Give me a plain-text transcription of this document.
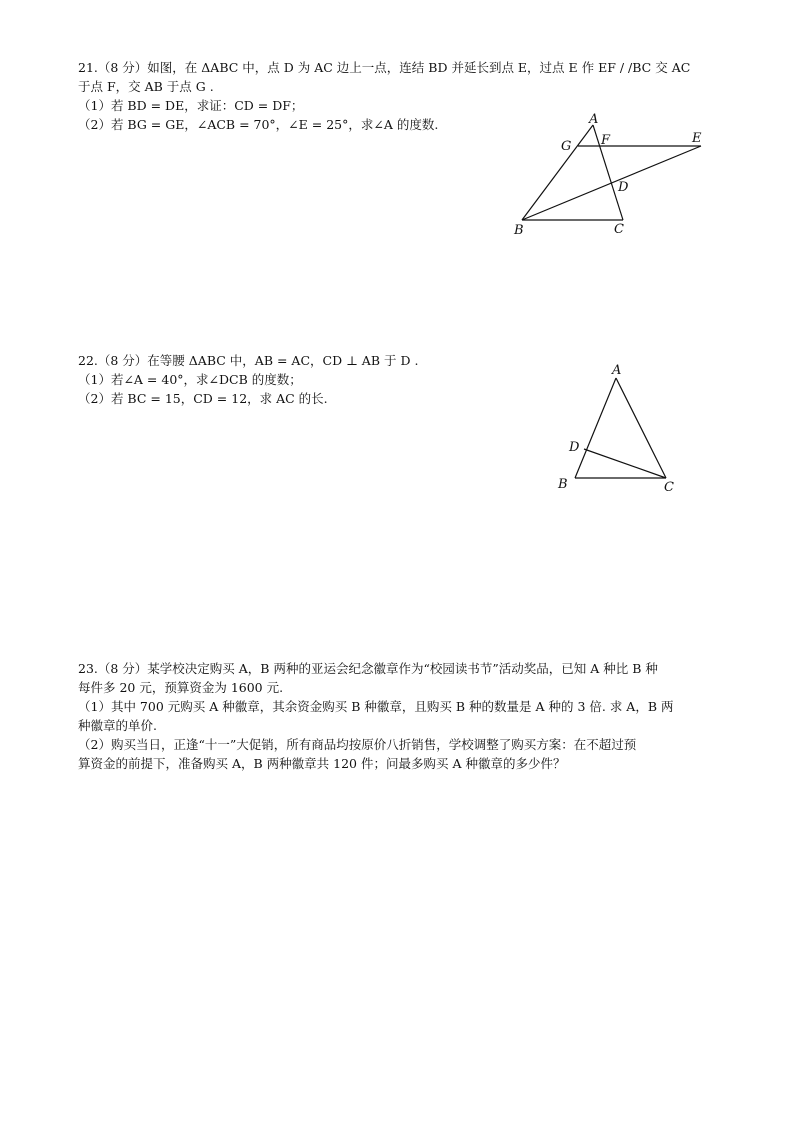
21.（8 分）如图，在 ΔABC 中，点 D 为 AC 边上一点，连结 BD 并延长到点 E，过点 E 作 EF / /BC 交 AC

于点 F，交 AB 于点 G .

（1）若 BD = DE，求证：CD = DF；

（2）若 BG = GE，∠ACB = 70°，∠E = 25°，求∠A 的度数.	A
F	E
G
D
B	C

22.（8 分）在等腰 ΔABC 中，AB = AC，CD ⊥ AB 于 D .

（1）若∠A = 40°，求∠DCB 的度数；

（2）若 BC = 15，CD = 12，求 AC 的长.

A
D
B	C

23.（8 分）某学校决定购买 A，B 两种的亚运会纪念徽章作为“校园读书节”活动奖品，已知 A 种比 B 种

每件多 20 元，预算资金为 1600 元.

（1）其中 700 元购买 A 种徽章，其余资金购买 B 种徽章，且购买 B 种的数量是 A 种的 3 倍. 求 A，B 两

种徽章的单价.

（2）购买当日，正逢“十一”大促销，所有商品均按原价八折销售，学校调整了购买方案：在不超过预

算资金的前提下，准备购买 A，B 两种徽章共 120 件；问最多购买 A 种徽章的多少件？
